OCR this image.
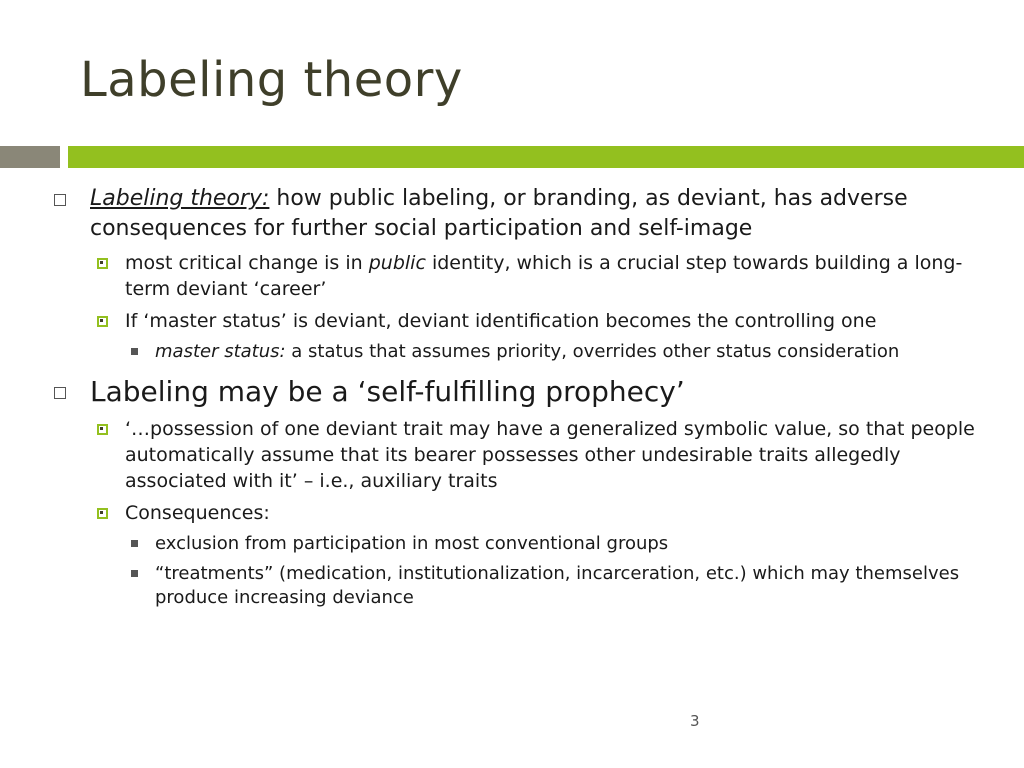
Labeling theory
Labeling theory: how public labeling, or branding, as deviant, has adverse consequences for further social participation and self-image
most critical change is in public identity, which is a crucial step towards building a long-term deviant ‘career’
If ‘master status’ is deviant, deviant identification becomes the controlling one
master status: a status that assumes priority, overrides other status consideration
Labeling may be a ‘self-fulfilling prophecy’
‘…possession of one deviant trait may have a generalized symbolic value, so that people automatically assume that its bearer possesses other undesirable traits allegedly associated with it’ – i.e., auxiliary traits
Consequences:
exclusion from participation in most conventional groups
“treatments” (medication, institutionalization, incarceration, etc.) which may themselves produce increasing deviance
3
